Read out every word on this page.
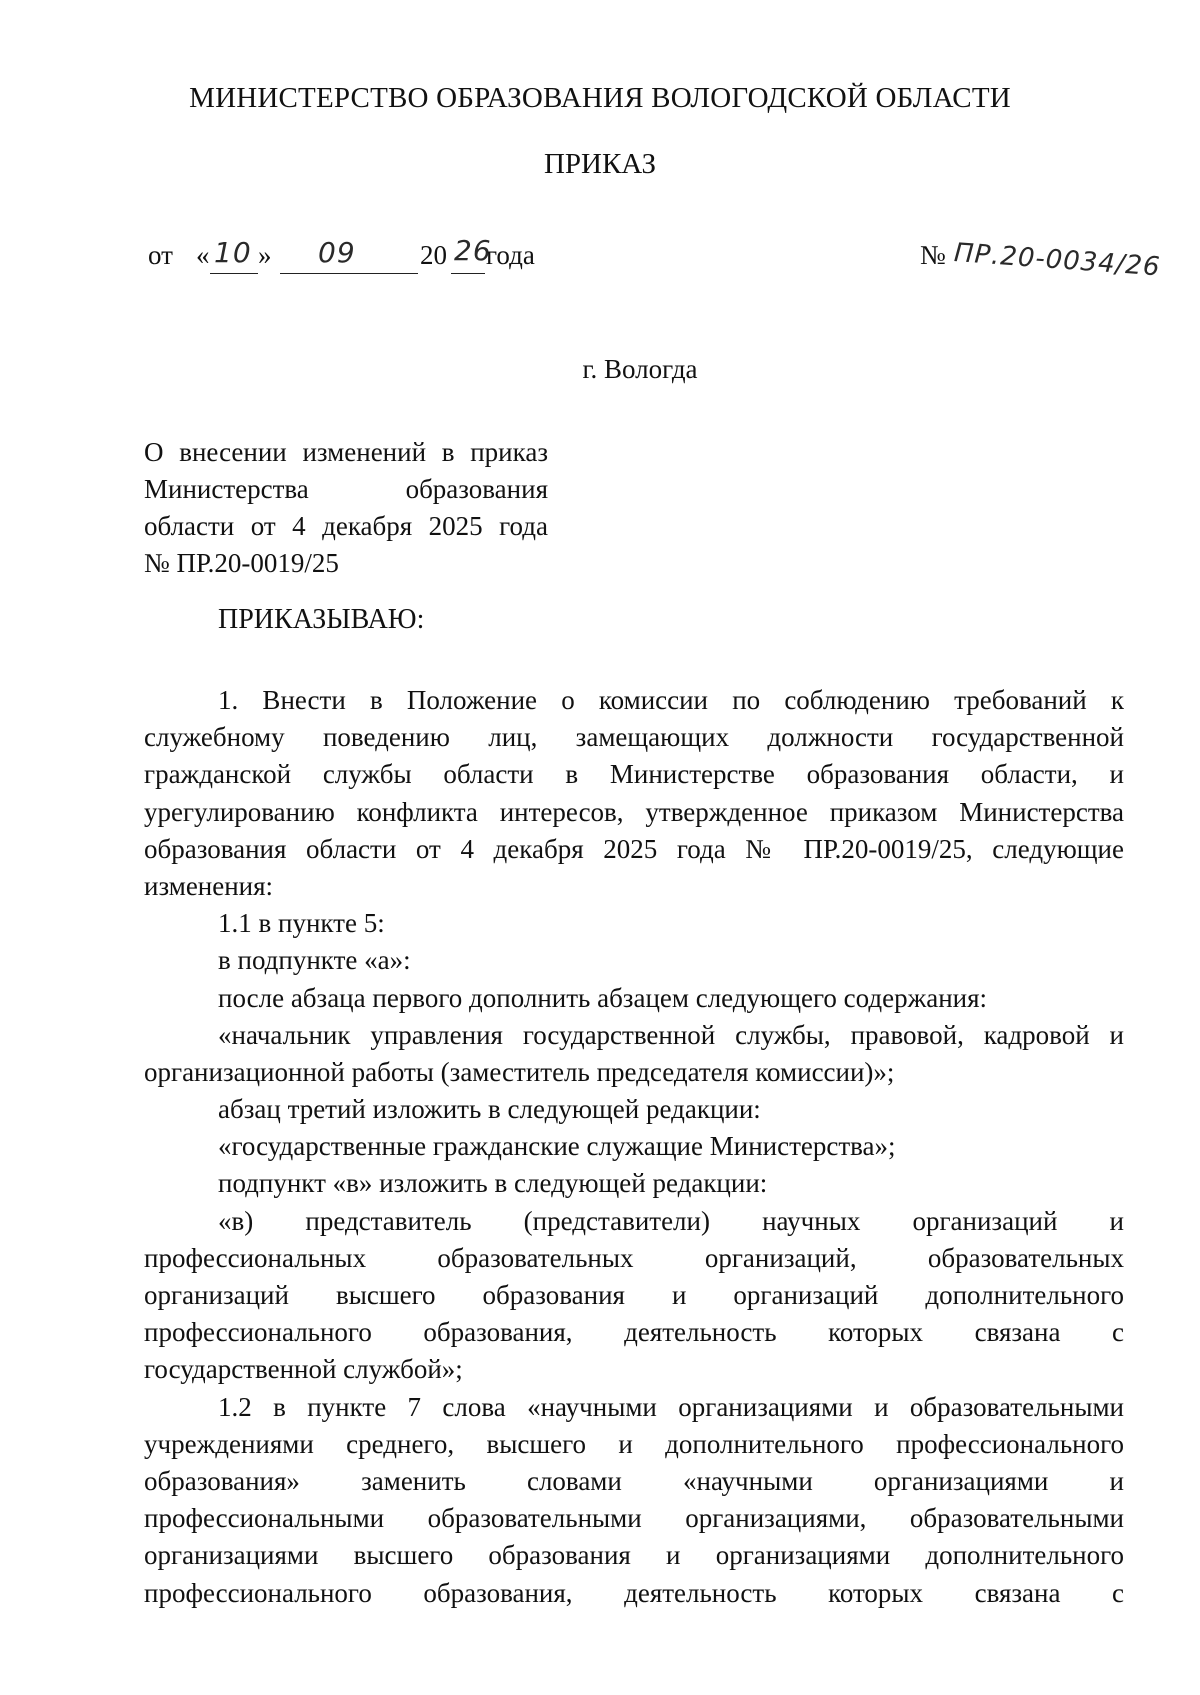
МИНИСТЕРСТВО ОБРАЗОВАНИЯ ВОЛОГОДСКОЙ ОБЛАСТИ
ПРИКАЗ
от « 10 » 09 20 26
года	№ ПР.20-0034/26
г. Вологда
О внесении изменений в приказ
Министерства образования
области от 4 декабря 2025 года
№ ПР.20-0019/25
ПРИКАЗЫВАЮ:
1. Внести в Положение о комиссии по соблюдению требований к
служебному поведению лиц, замещающих должности государственной
гражданской службы области в Министерстве образования области, и
урегулированию конфликта интересов, утвержденное приказом Министерства
образования области от 4 декабря 2025 года № ПР.20-0019/25, следующие
изменения:
1.1 в пункте 5:
в подпункте «а»:
после абзаца первого дополнить абзацем следующего содержания:
«начальник управления государственной службы, правовой, кадровой и
организационной работы (заместитель председателя комиссии)»;
абзац третий изложить в следующей редакции:
«государственные гражданские служащие Министерства»;
подпункт «в» изложить в следующей редакции:
«в) представитель (представители) научных организаций и
профессиональных образовательных организаций, образовательных
организаций высшего образования и организаций дополнительного
профессионального образования, деятельность которых связана с
государственной службой»;
1.2 в пункте 7 слова «научными организациями и образовательными
учреждениями среднего, высшего и дополнительного профессионального
образования» заменить словами «научными организациями и
профессиональными образовательными организациями, образовательными
организациями высшего образования и организациями дополнительного
профессионального образования, деятельность которых связана с
